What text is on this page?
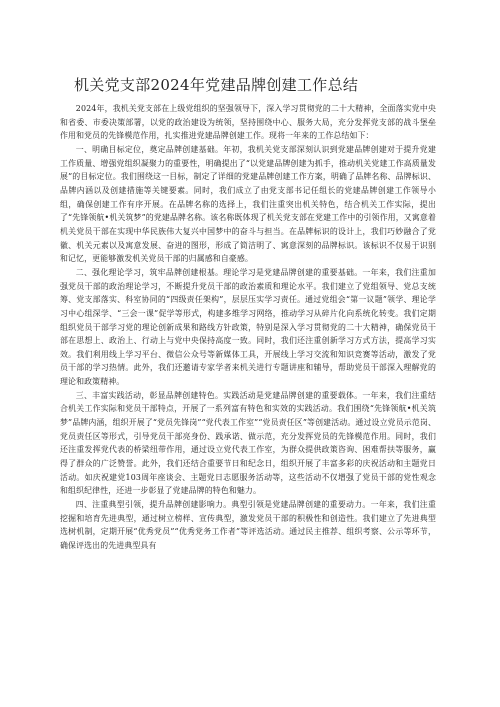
机关党支部2024年党建品牌创建工作总结

2024年，我机关党支部在上级党组织的坚强领导下，深入学习贯彻党的二十大精神，全面落实党中央和省委、市委决策部署，以党的政治建设为统领，坚持围绕中心、服务大局，充分发挥党支部的战斗堡垒作用和党员的先锋模范作用，扎实推进党建品牌创建工作。现将一年来的工作总结如下：

一、明确目标定位，奠定品牌创建基础。年初，我机关党支部深刻认识到党建品牌创建对于提升党建工作质量、增强党组织凝聚力的重要性，明确提出了“以党建品牌创建为抓手，推动机关党建工作高质量发展”的目标定位。我们围绕这一目标，制定了详细的党建品牌创建工作方案，明确了品牌名称、品牌标识、品牌内涵以及创建措施等关键要素。同时，我们成立了由党支部书记任组长的党建品牌创建工作领导小组，确保创建工作有序开展。在品牌名称的选择上，我们注重突出机关特色，结合机关工作实际，提出了“先锋领航•机关筑梦”的党建品牌名称。该名称既体现了机关党支部在党建工作中的引领作用，又寓意着机关党员干部在实现中华民族伟大复兴中国梦中的奋斗与担当。在品牌标识的设计上，我们巧妙融合了党徽、机关元素以及寓意发展、奋进的图形，形成了简洁明了、寓意深刻的品牌标识。该标识不仅易于识别和记忆，更能够激发机关党员干部的归属感和自豪感。

二、强化理论学习，筑牢品牌创建根基。理论学习是党建品牌创建的重要基础。一年来，我们注重加强党员干部的政治理论学习，不断提升党员干部的政治素质和理论水平。我们建立了党组领导、党总支统筹、党支部落实、科室协同的“四级责任架构”，层层压实学习责任。通过党组会“第一议题”领学、理论学习中心组深学、“三会一课”促学等形式，构建多维学习网络，推动学习从碎片化向系统化转变。我们定期组织党员干部学习党的理论创新成果和路线方针政策，特别是深入学习贯彻党的二十大精神，确保党员干部在思想上、政治上、行动上与党中央保持高度一致。同时，我们还注重创新学习方式方法，提高学习实效。我们利用线上学习平台、微信公众号等新媒体工具，开展线上学习交流和知识竞赛等活动，激发了党员干部的学习热情。此外，我们还邀请专家学者来机关进行专题讲座和辅导，帮助党员干部深入理解党的理论和政策精神。

三、丰富实践活动，彰显品牌创建特色。实践活动是党建品牌创建的重要载体。一年来，我们注重结合机关工作实际和党员干部特点，开展了一系列富有特色和实效的实践活动。我们围绕“先锋领航•机关筑梦”品牌内涵，组织开展了“党员先锋岗”“党代表工作室”“党员责任区”等创建活动。通过设立党员示范岗、党员责任区等形式，引导党员干部亮身份、践承诺、做示范，充分发挥党员的先锋模范作用。同时，我们还注重发挥党代表的桥梁纽带作用，通过设立党代表工作室，为群众提供政策咨询、困难帮扶等服务，赢得了群众的广泛赞誉。此外，我们还结合重要节日和纪念日，组织开展了丰富多彩的庆祝活动和主题党日活动。如庆祝建党103周年座谈会、主题党日志愿服务活动等，这些活动不仅增强了党员干部的党性观念和组织纪律性，还进一步彰显了党建品牌的特色和魅力。

四、注重典型引领，提升品牌创建影响力。典型引领是党建品牌创建的重要动力。一年来，我们注重挖掘和培育先进典型，通过树立榜样、宣传典型，激发党员干部的积极性和创造性。我们建立了先进典型选树机制，定期开展“优秀党员”“优秀党务工作者”等评选活动。通过民主推荐、组织考察、公示等环节，确保评选出的先进典型具有
